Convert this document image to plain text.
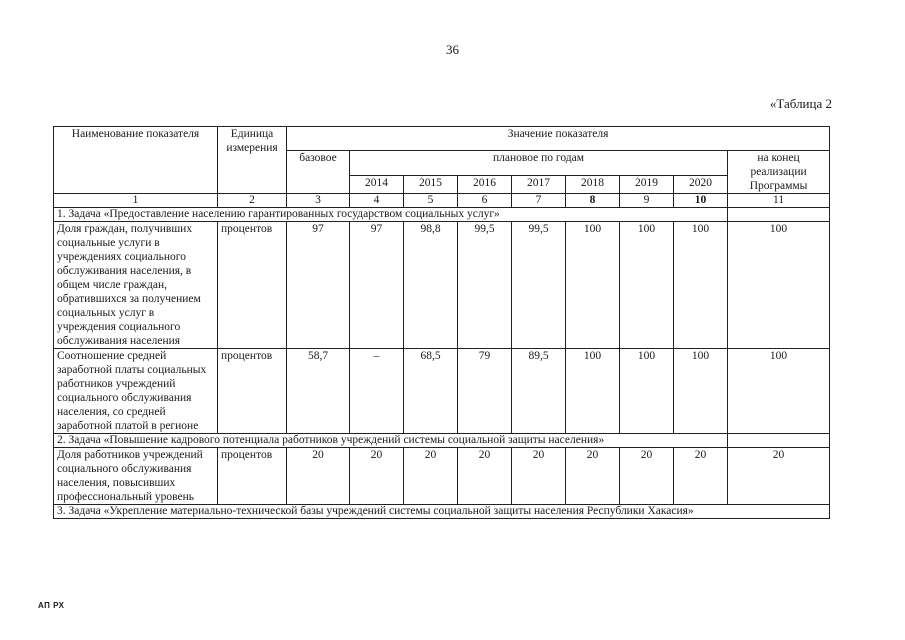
36
«Таблица 2
Наименование показателя	Единица измерения	Значение показателя								
		базовое	плановое по годам							на конец реализации Программы
			2014	2015	2016	2017	2018	2019	2020	
1	2	3	4	5	6	7	8	9	10	11
1. Задача «Предоставление населению гарантированных государством социальных услуг»										
Доля граждан, получивших социальные услуги в учреждениях социального обслуживания населения, в общем числе граждан, обратившихся за получением социальных услуг в учреждения социального обслуживания населения	процентов	97	97	98,8	99,5	99,5	100	100	100	100
Соотношение средней заработной платы социальных работников учреждений социального обслуживания населения, со средней заработной платой в регионе	процентов	58,7	–	68,5	79	89,5	100	100	100	100
2. Задача «Повышение кадрового потенциала работников учреждений системы социальной защиты населения»										
Доля работников учреждений социального обслуживания населения, повысивших профессиональный уровень	процентов	20	20	20	20	20	20	20	20	20
3. Задача «Укрепление материально-технической базы учреждений системы социальной защиты населения Республики Хакасия»										
АП РХ
